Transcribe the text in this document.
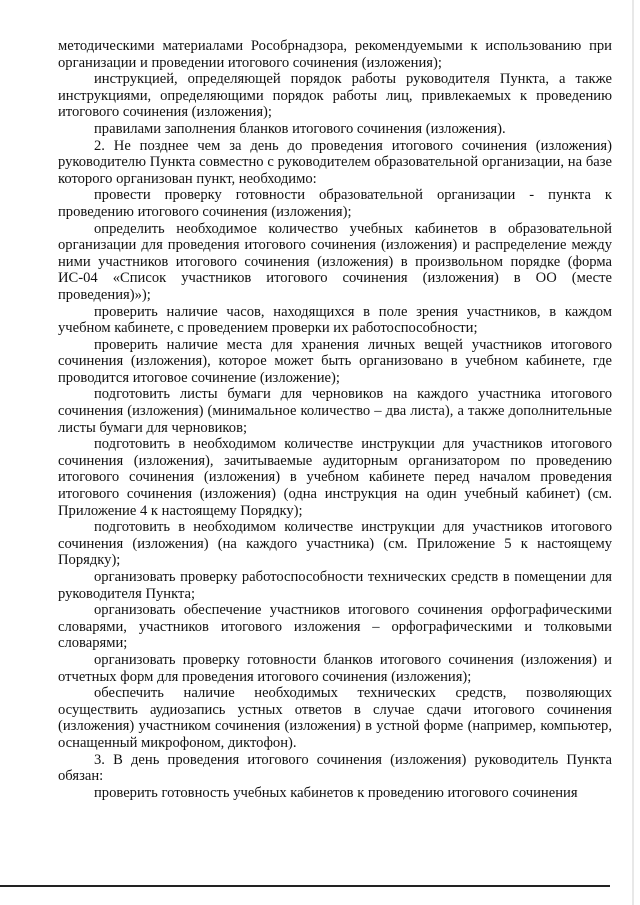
методическими материалами Рособрнадзора, рекомендуемыми к использованию при организации и проведении итогового сочинения (изложения);

инструкцией, определяющей порядок работы руководителя Пункта, а также инструкциями, определяющими порядок работы лиц, привлекаемых к проведению итогового сочинения (изложения);

правилами заполнения бланков итогового сочинения (изложения).

2. Не позднее чем за день до проведения итогового сочинения (изложения) руководителю Пункта совместно с руководителем образовательной организации, на базе которого организован пункт, необходимо:

провести проверку готовности образовательной организации - пункта к проведению итогового сочинения (изложения);

определить необходимое количество учебных кабинетов в образовательной организации для проведения итогового сочинения (изложения) и распределение между ними участников итогового сочинения (изложения) в произвольном порядке (форма ИС-04 «Список участников итогового сочинения (изложения) в ОО (месте проведения)»);

проверить наличие часов, находящихся в поле зрения участников, в каждом учебном кабинете, с проведением проверки их работоспособности;

проверить наличие места для хранения личных вещей участников итогового сочинения (изложения), которое может быть организовано в учебном кабинете, где проводится итоговое сочинение (изложение);

подготовить листы бумаги для черновиков на каждого участника итогового сочинения (изложения) (минимальное количество – два листа), а также дополнительные листы бумаги для черновиков;

подготовить в необходимом количестве инструкции для участников итогового сочинения (изложения), зачитываемые аудиторным организатором по проведению итогового сочинения (изложения) в учебном кабинете перед началом проведения итогового сочинения (изложения) (одна инструкция на один учебный кабинет) (см. Приложение 4 к настоящему Порядку);

подготовить в необходимом количестве инструкции для участников итогового сочинения (изложения) (на каждого участника) (см. Приложение 5 к настоящему Порядку);

организовать проверку работоспособности технических средств в помещении для руководителя Пункта;

организовать обеспечение участников итогового сочинения орфографическими словарями, участников итогового изложения – орфографическими и толковыми словарями;

организовать проверку готовности бланков итогового сочинения (изложения) и отчетных форм для проведения итогового сочинения (изложения);

обеспечить наличие необходимых технических средств, позволяющих осуществить аудиозапись устных ответов в случае сдачи итогового сочинения (изложения) участником сочинения (изложения) в устной форме (например, компьютер, оснащенный микрофоном, диктофон).

3. В день проведения итогового сочинения (изложения) руководитель Пункта обязан:

проверить готовность учебных кабинетов к проведению итогового сочинения
